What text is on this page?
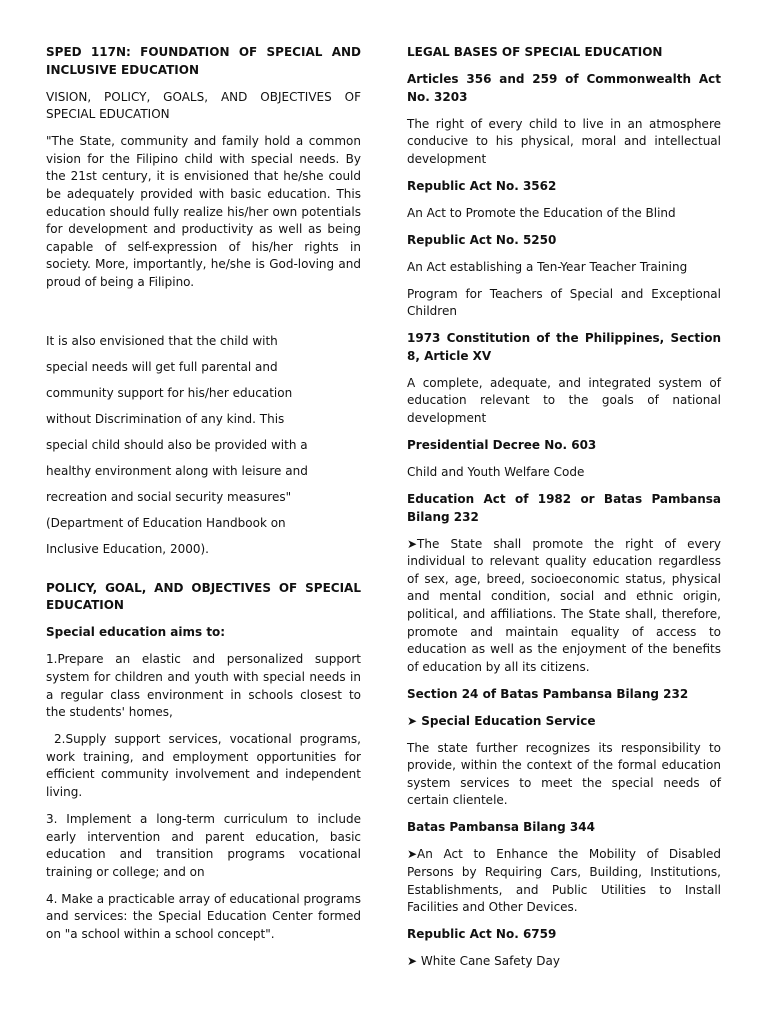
SPED 117N: FOUNDATION OF SPECIAL AND INCLUSIVE EDUCATION

VISION, POLICY, GOALS, AND OBJECTIVES OF SPECIAL EDUCATION

"The State, community and family hold a common vision for the Filipino child with special needs. By the 21st century, it is envisioned that he/she could be adequately provided with basic education. This education should fully realize his/her own potentials for development and productivity as well as being capable of self-expression of his/her rights in society. More, importantly, he/she is God-loving and proud of being a Filipino.

It is also envisioned that the child with

special needs will get full parental and

community support for his/her education

without Discrimination of any kind. This

special child should also be provided with a

healthy environment along with leisure and

recreation and social security measures"

(Department of Education Handbook on

Inclusive Education, 2000).

POLICY, GOAL, AND OBJECTIVES OF SPECIAL EDUCATION

Special education aims to:

1.Prepare an elastic and personalized support system for children and youth with special needs in a regular class environment in schools closest to the students' homes,

2.Supply support services, vocational programs, work training, and employment opportunities for efficient community involvement and independent living.

3. Implement a long-term curriculum to include early intervention and parent education, basic education and transition programs vocational training or college; and on

4. Make a practicable array of educational programs and services: the Special Education Center formed on "a school within a school concept".

LEGAL BASES OF SPECIAL EDUCATION

Articles 356 and 259 of Commonwealth Act No. 3203

The right of every child to live in an atmosphere conducive to his physical, moral and intellectual development

Republic Act No. 3562

An Act to Promote the Education of the Blind

Republic Act No. 5250

An Act establishing a Ten-Year Teacher Training

Program for Teachers of Special and Exceptional Children

1973 Constitution of the Philippines, Section 8, Article XV

A complete, adequate, and integrated system of education relevant to the goals of national development

Presidential Decree No. 603

Child and Youth Welfare Code

Education Act of 1982 or Batas Pambansa Bilang 232

➤The State shall promote the right of every individual to relevant quality education regardless of sex, age, breed, socioeconomic status, physical and mental condition, social and ethnic origin, political, and affiliations. The State shall, therefore, promote and maintain equality of access to education as well as the enjoyment of the benefits of education by all its citizens.

Section 24 of Batas Pambansa Bilang 232

➤ Special Education Service

The state further recognizes its responsibility to provide, within the context of the formal education system services to meet the special needs of certain clientele.

Batas Pambansa Bilang 344

➤An Act to Enhance the Mobility of Disabled Persons by Requiring Cars, Building, Institutions, Establishments, and Public Utilities to Install Facilities and Other Devices.

Republic Act No. 6759

➤ White Cane Safety Day
